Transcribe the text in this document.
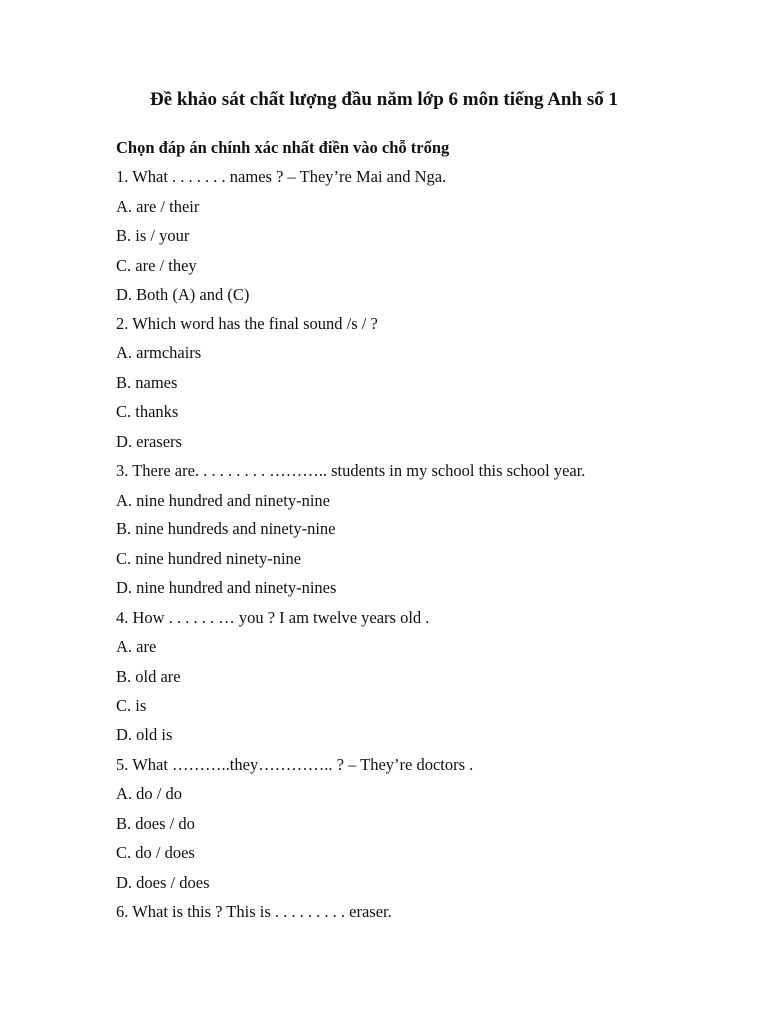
Đề khảo sát chất lượng đầu năm lớp 6 môn tiếng Anh số 1
Chọn đáp án chính xác nhất điền vào chỗ trống
1. What . . . . . . . names ? – They’re Mai and Nga.
A. are / their
B. is / your
C. are / they
D. Both (A) and (C)
2. Which word has the final sound /s / ?
A. armchairs
B. names
C. thanks
D. erasers
3. There are. . . . . . . . . ……….. students in my school this school year.
A. nine hundred and ninety-nine
B. nine hundreds and ninety-nine
C. nine hundred ninety-nine
D. nine hundred and ninety-nines
4. How . . . . . . … you ? I am twelve years old .
A. are
B. old are
C. is
D. old is
5. What ………..they………….. ? – They’re doctors .
A. do / do
B. does / do
C. do / does
D. does / does
6. What is this ? This is . . . . . . . . . eraser.
